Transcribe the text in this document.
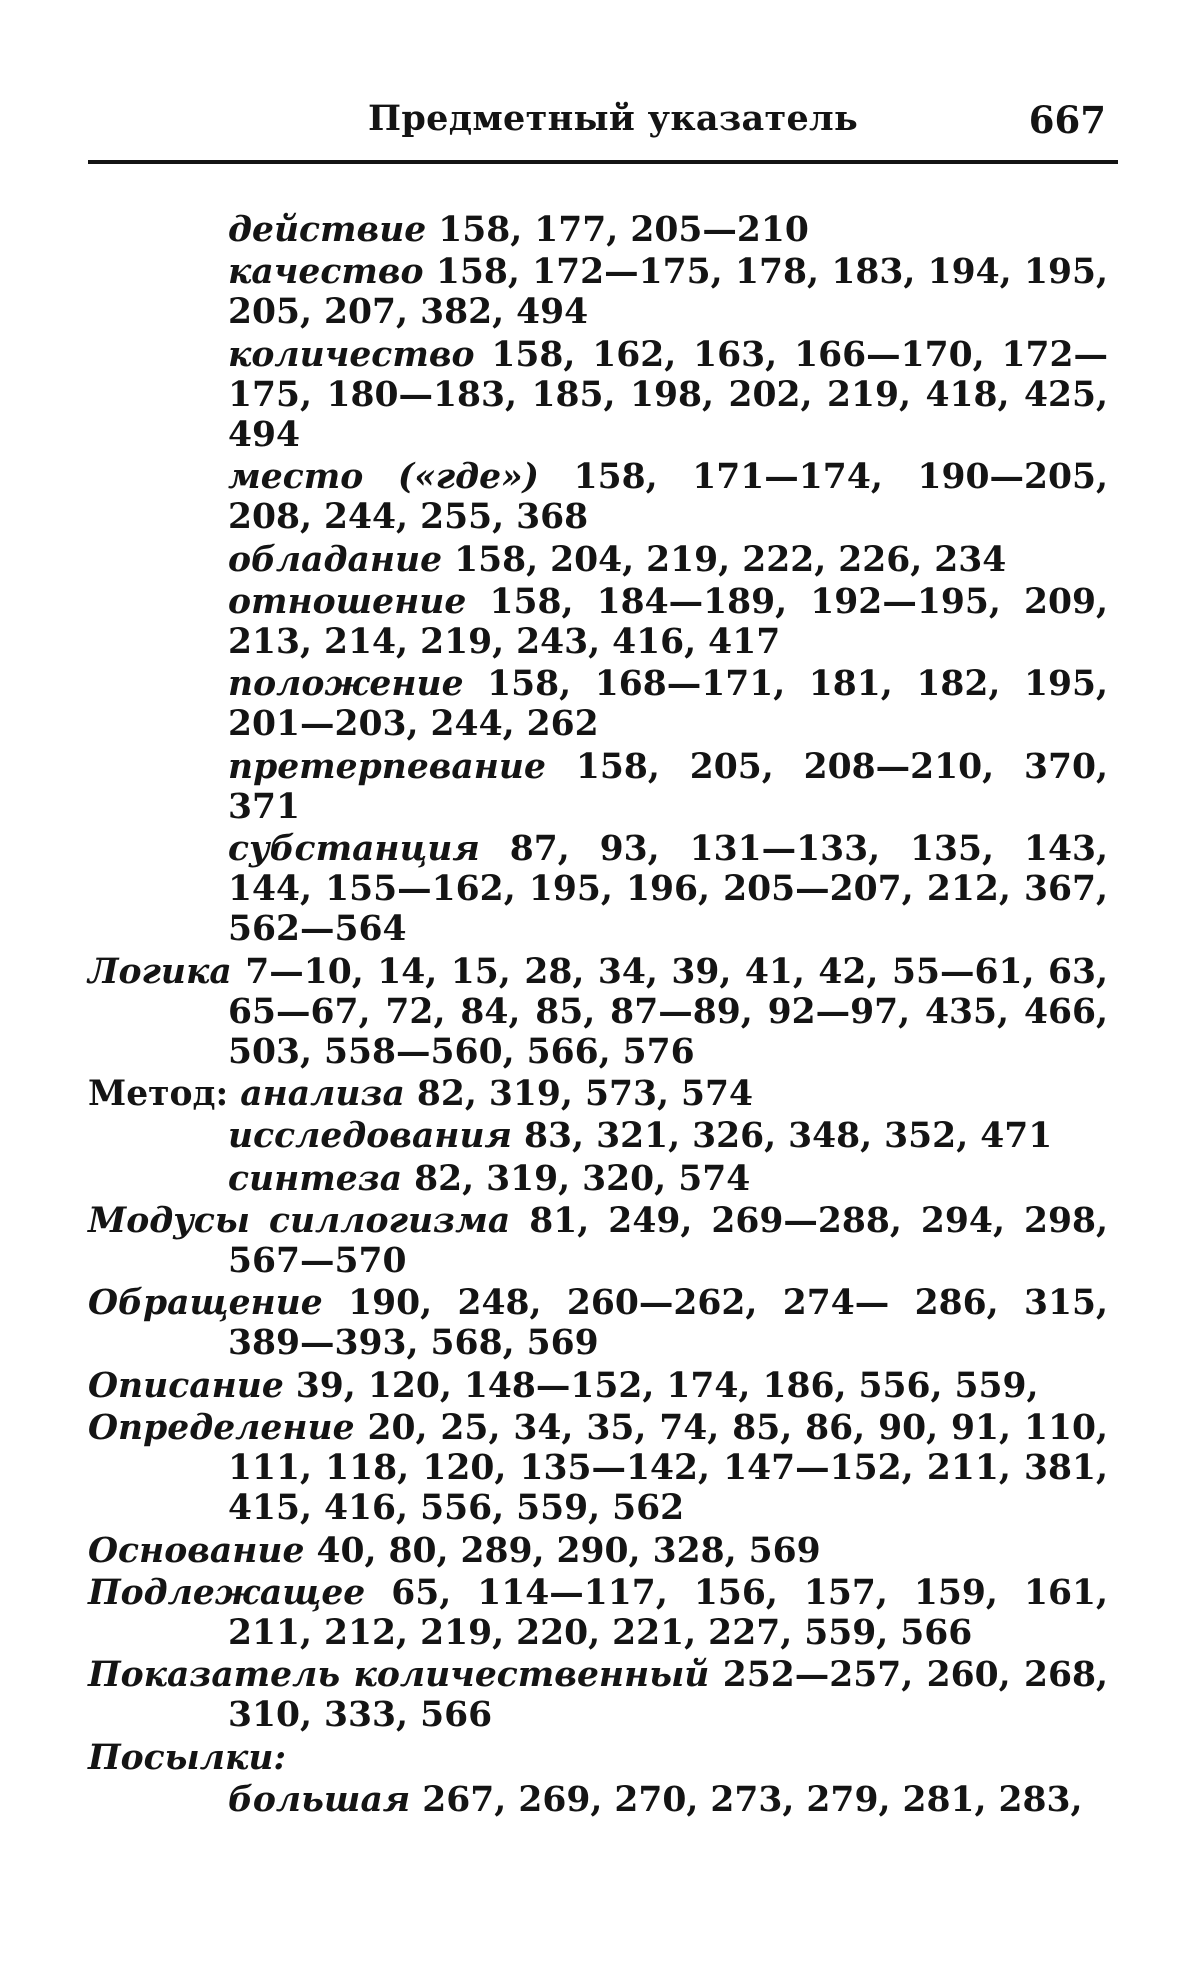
Предметный указатель	667
действие 158, 177, 205—210
качество 158, 172—175, 178, 183, 194, 195, 205, 207, 382, 494
количество 158, 162, 163, 166—170, 172—175, 180—183, 185, 198, 202, 219, 418, 425, 494
место («где») 158, 171—174, 190—205, 208, 244, 255, 368
обладание 158, 204, 219, 222, 226, 234
отношение 158, 184—189, 192—195, 209, 213, 214, 219, 243, 416, 417
положение 158, 168—171, 181, 182, 195, 201—203, 244, 262
претерпевание 158, 205, 208—210, 370, 371
субстанция 87, 93, 131—133, 135, 143, 144, 155—162, 195, 196, 205—207, 212, 367, 562—564
Логика 7—10, 14, 15, 28, 34, 39, 41, 42, 55—61, 63, 65—67, 72, 84, 85, 87—89, 92—97, 435, 466, 503, 558—560, 566, 576
Метод: анализа 82, 319, 573, 574
исследования 83, 321, 326, 348, 352, 471
синтеза 82, 319, 320, 574
Модусы силлогизма 81, 249, 269—288, 294, 298, 567—570
Обращение 190, 248, 260—262, 274— 286, 315, 389—393, 568, 569
Описание 39, 120, 148—152, 174, 186, 556, 559,
Определение 20, 25, 34, 35, 74, 85, 86, 90, 91, 110, 111, 118, 120, 135—142, 147—152, 211, 381, 415, 416, 556, 559, 562
Основание 40, 80, 289, 290, 328, 569
Подлежащее 65, 114—117, 156, 157, 159, 161, 211, 212, 219, 220, 221, 227, 559, 566
Показатель количественный 252—257, 260, 268, 310, 333, 566
Посылки:
большая 267, 269, 270, 273, 279, 281, 283,
